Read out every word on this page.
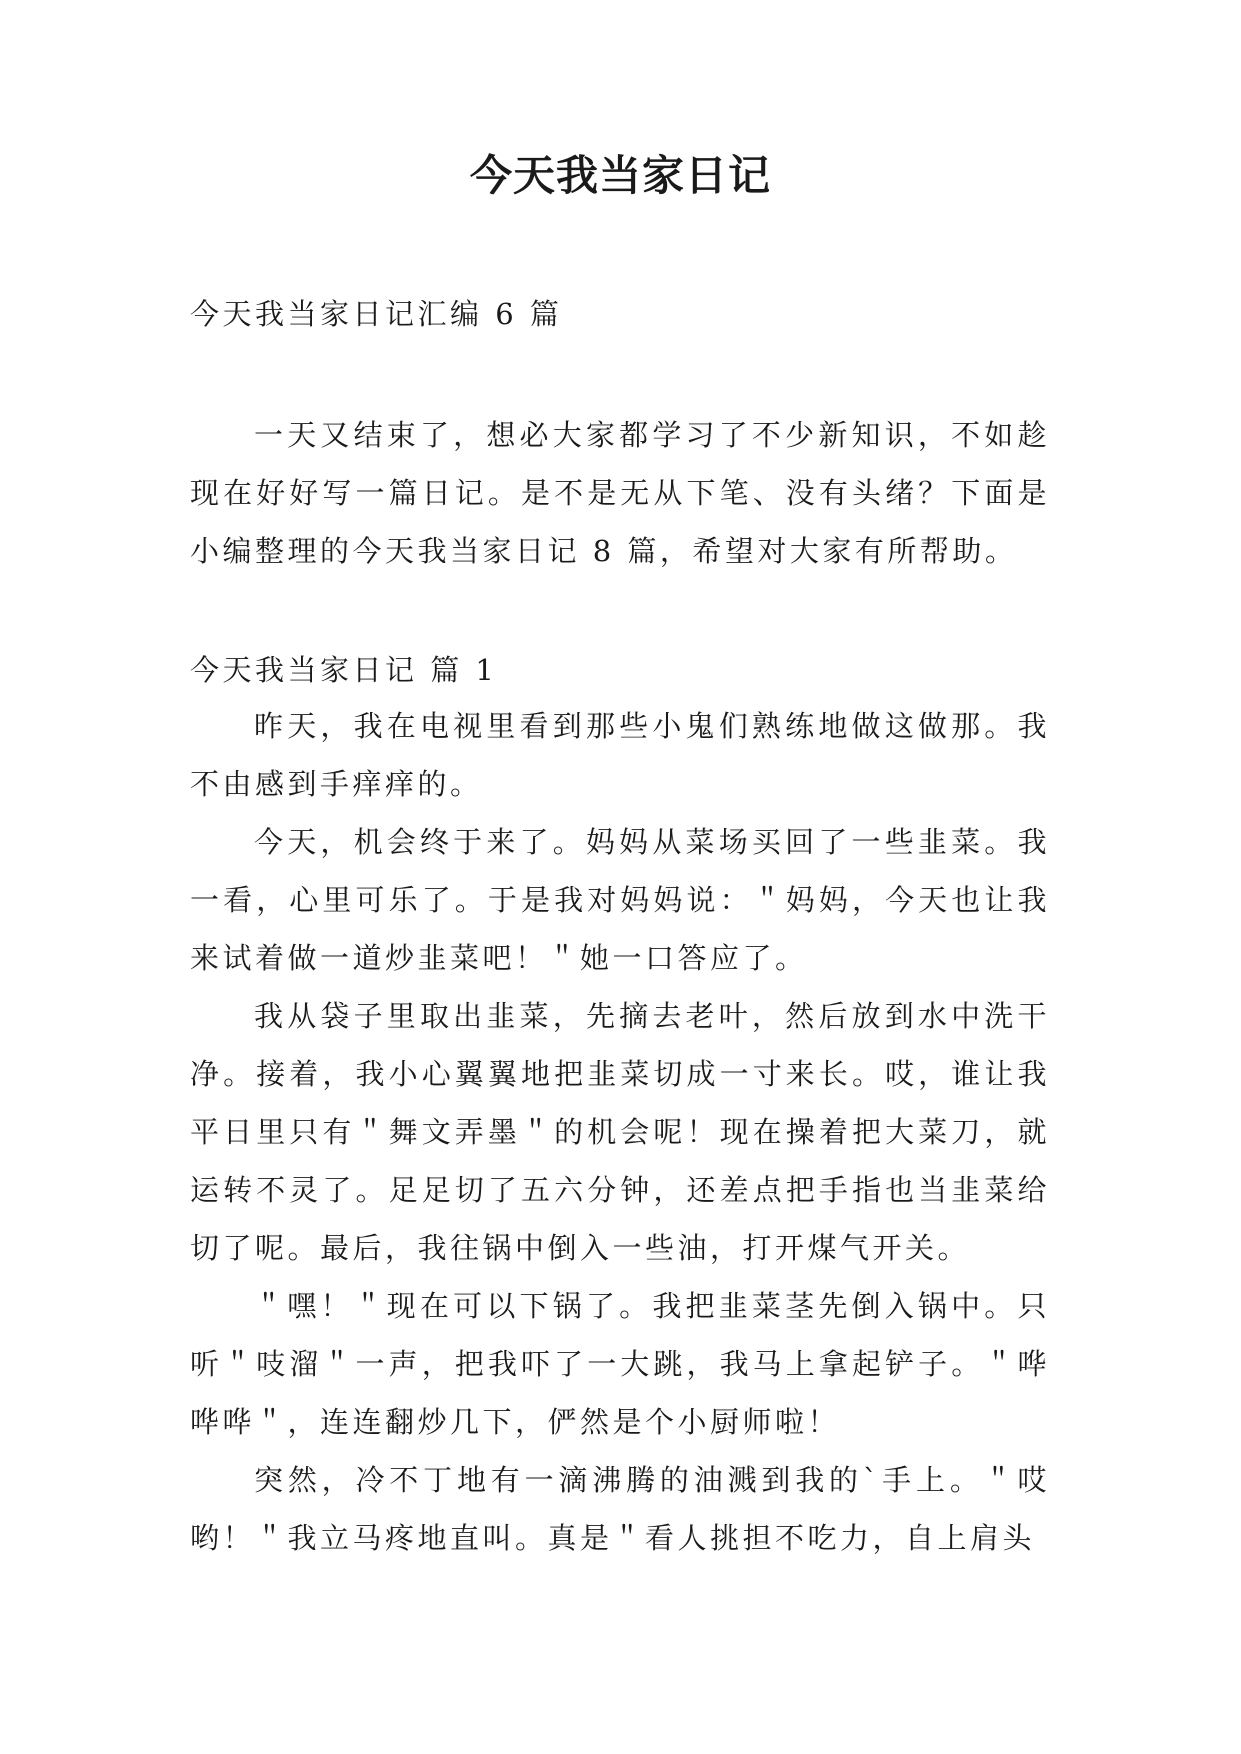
今天我当家日记
今天我当家日记汇编 6 篇

一天又结束了，想必大家都学习了不少新知识，不如趁现在好好写一篇日记。是不是无从下笔、没有头绪？下面是小编整理的今天我当家日记 8 篇，希望对大家有所帮助。

今天我当家日记 篇 1

昨天，我在电视里看到那些小鬼们熟练地做这做那。我不由感到手痒痒的。

今天，机会终于来了。妈妈从菜场买回了一些韭菜。我一看，心里可乐了。于是我对妈妈说：＂妈妈，今天也让我来试着做一道炒韭菜吧！＂她一口答应了。

我从袋子里取出韭菜，先摘去老叶，然后放到水中洗干净。接着，我小心翼翼地把韭菜切成一寸来长。哎，谁让我平日里只有＂舞文弄墨＂的机会呢！现在操着把大菜刀，就运转不灵了。足足切了五六分钟，还差点把手指也当韭菜给切了呢。最后，我往锅中倒入一些油，打开煤气开关。

＂嘿！＂现在可以下锅了。我把韭菜茎先倒入锅中。只听＂吱溜＂一声，把我吓了一大跳，我马上拿起铲子。＂哗哗哗＂，连连翻炒几下，俨然是个小厨师啦！

突然，冷不丁地有一滴沸腾的油溅到我的`手上。＂哎哟！＂我立马疼地直叫。真是＂看人挑担不吃力，自上肩头
